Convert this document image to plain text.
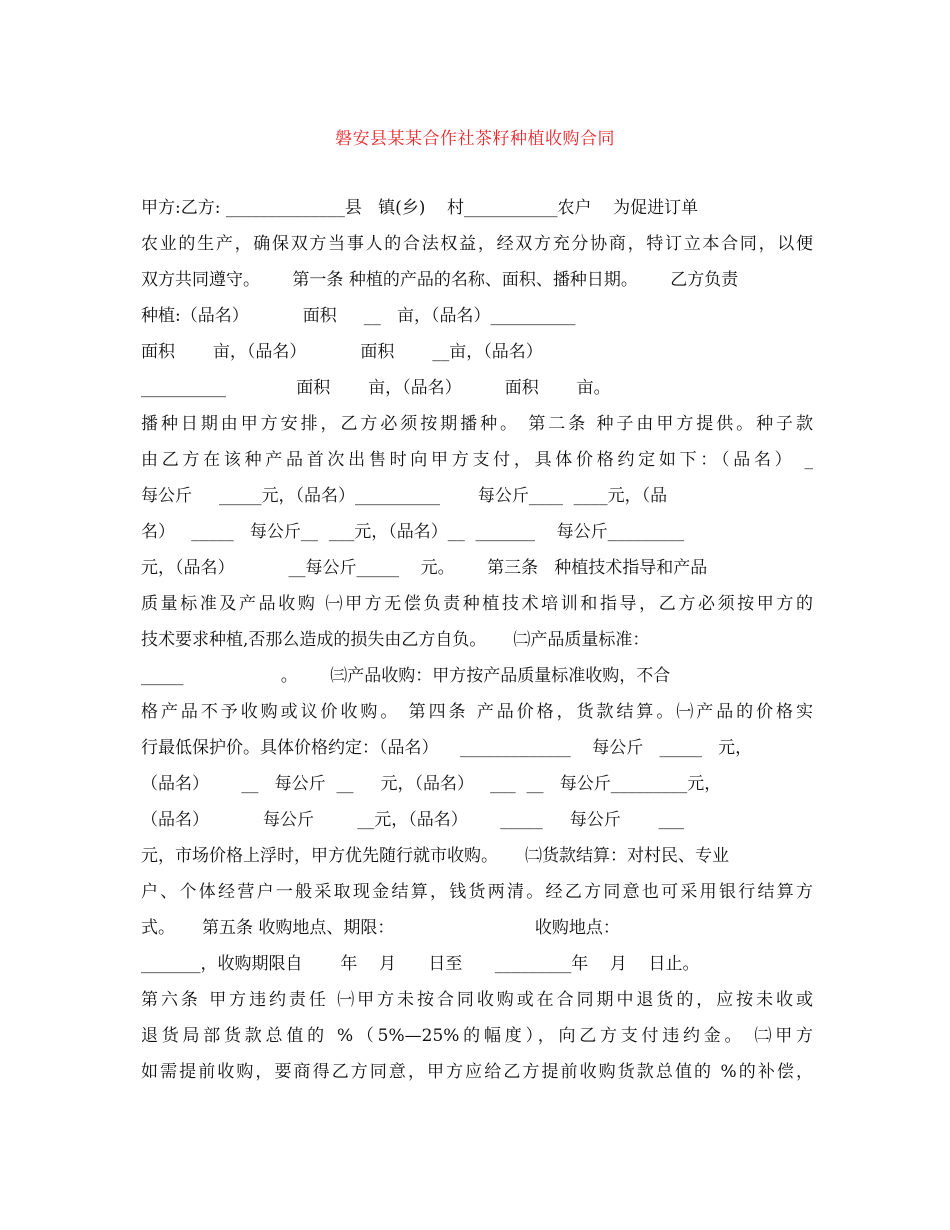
磐安县某某合作社茶籽种植收购合同
甲方:乙方: ______________县   镇(乡)    村___________农户    为促进订单
农业的生产，确保双方当事人的合法权益，经双方充分协商，特订立本合同，以便
双方共同遵守。      第一条 种植的产品的名称、面积、播种日期。      乙方负责
种植:（品名）          面积     __   亩，（品名）__________
面积       亩，（品名）          面积       __亩，（品名）
__________             面积       亩，（品名）        面积       亩。
播种日期由甲方安排，乙方必须按期播种。 第二条 种子由甲方提供。种子款
由乙方在该种产品首次出售时向甲方支付，具体价格约定如下：（品名） _
每公斤     _____元，（品名）__________       每公斤____  ____元，（品
名）   _____   每公斤__  ___元，（品名）__  _______    每公斤_________
元，（品名）          __每公斤_____    元。      第三条   种植技术指导和产品
质量标准及产品收购 ㈠甲方无偿负责种植技术培训和指导，乙方必须按甲方的
技术要求种植,否那么造成的损失由乙方自负。     ㈡产品质量标准：
_____                  。      ㈢产品收购：甲方按产品质量标准收购，不合
格产品不予收购或议价收购。 第四条 产品价格，货款结算。㈠产品的价格实
行最低保护价。具体价格约定：（品名）    _____________    每公斤   _____   元，
（品名）      __   每公斤  __     元，（品名）   ___  __   每公斤_________元，
（品名）          每公斤        __元，（品名）      _____     每公斤       ___
元，市场价格上浮时，甲方优先随行就市收购。     ㈡货款结算：对村民、专业
户、个体经营户一般采取现金结算，钱货两清。经乙方同意也可采用银行结算方
式。     第五条 收购地点、期限：                          收购地点：
_______，收购期限自       年    月      日至      _________年    月    日止。
第六条 甲方违约责任 ㈠甲方未按合同收购或在合同期中退货的，应按未收或
退货局部货款总值的 %（5%—25%的幅度），向乙方支付违约金。 ㈡甲方
如需提前收购，要商得乙方同意，甲方应给乙方提前收购货款总值的 %的补偿，
